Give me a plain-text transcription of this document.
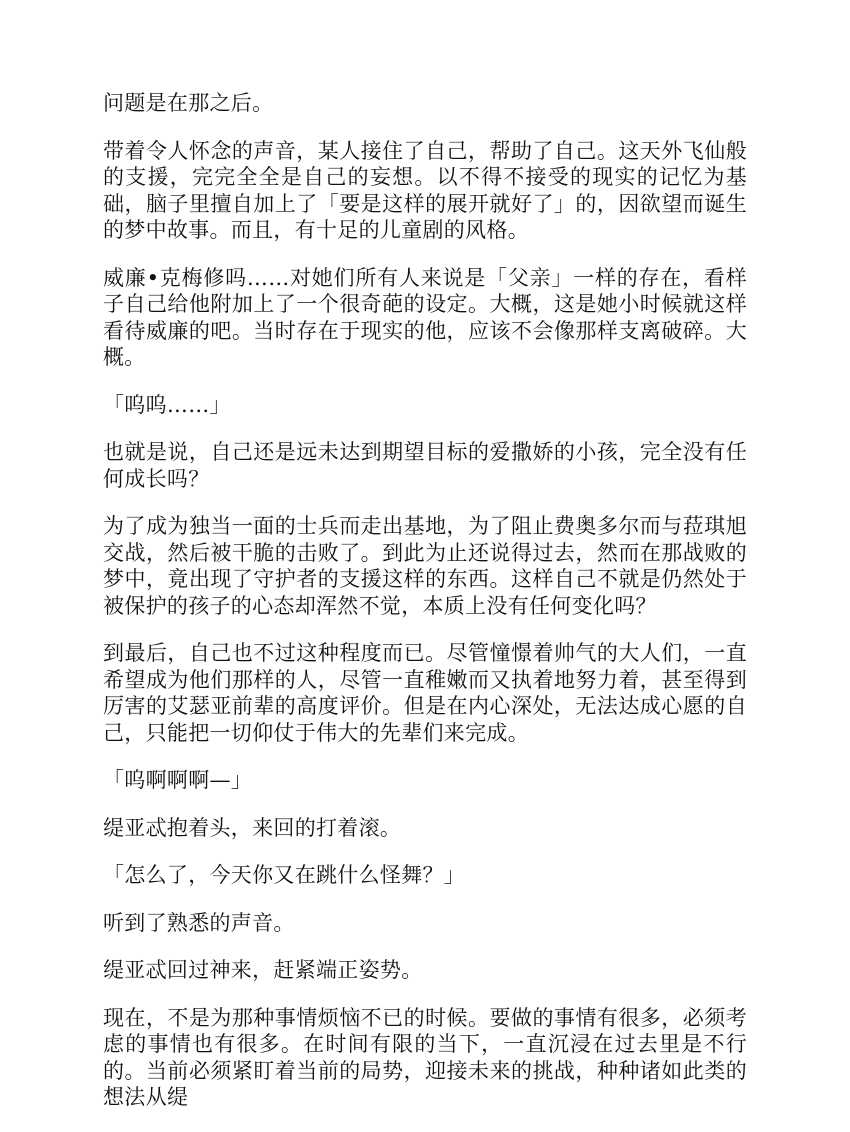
问题是在那之后。

带着令人怀念的声音，某人接住了自己，帮助了自己。这天外飞仙般的支援，完完全全是自己的妄想。以不得不接受的现实的记忆为基础，脑子里擅自加上了「要是这样的展开就好了」的，因欲望而诞生的梦中故事。而且，有十足的儿童剧的风格。

威廉•克梅修吗……对她们所有人来说是「父亲」一样的存在，看样子自己给他附加上了一个很奇葩的设定。大概，这是她小时候就这样看待威廉的吧。当时存在于现实的他，应该不会像那样支离破碎。大概。

「呜呜……」

也就是说，自己还是远未达到期望目标的爱撒娇的小孩，完全没有任何成长吗？

为了成为独当一面的士兵而走出基地，为了阻止费奥多尔而与菈琪旭交战，然后被干脆的击败了。到此为止还说得过去，然而在那战败的梦中，竟出现了守护者的支援这样的东西。这样自己不就是仍然处于被保护的孩子的心态却浑然不觉，本质上没有任何变化吗？

到最后，自己也不过这种程度而已。尽管憧憬着帅气的大人们，一直希望成为他们那样的人，尽管一直稚嫩而又执着地努力着，甚至得到厉害的艾瑟亚前辈的高度评价。但是在内心深处，无法达成心愿的自己，只能把一切仰仗于伟大的先辈们来完成。

「呜啊啊啊—」

缇亚忒抱着头，来回的打着滚。

「怎么了，今天你又在跳什么怪舞？」

听到了熟悉的声音。

缇亚忒回过神来，赶紧端正姿势。

现在，不是为那种事情烦恼不已的时候。要做的事情有很多，必须考虑的事情也有很多。在时间有限的当下，一直沉浸在过去里是不行的。当前必须紧盯着当前的局势，迎接未来的挑战，种种诸如此类的想法从缇
